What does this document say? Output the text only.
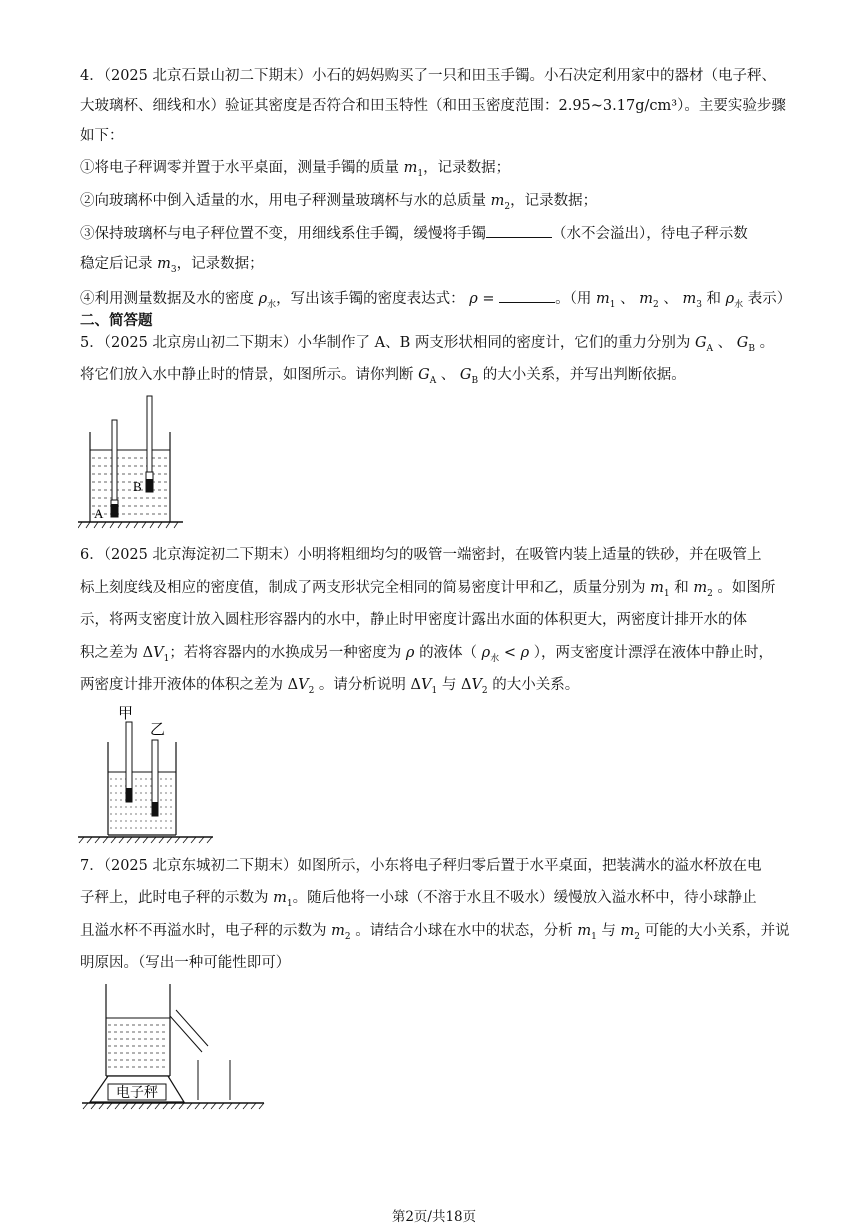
4．（2025 北京石景山初二下期末）小石的妈妈购买了一只和田玉手镯。小石决定利用家中的器材（电子秤、
大玻璃杯、细线和水）验证其密度是否符合和田玉特性（和田玉密度范围：2.95~3.17g/cm³）。主要实验步骤
如下：
①将电子秤调零并置于水平桌面，测量手镯的质量 $m_1$，记录数据；
②向玻璃杯中倒入适量的水，用电子秤测量玻璃杯与水的总质量 $m_2$，记录数据；
③保持玻璃杯与电子秤位置不变，用细线系住手镯，缓慢将手镯	（水不会溢出），待电子秤示数
稳定后记录 $m_3$，记录数据；
④利用测量数据及水的密度 $\rho_水$，写出该手镯的密度表达式： ρ =	。（用 $m_1$ 、 $m_2$ 、 $m_3$ 和 $\rho_水$ 表示）
二、简答题
5．（2025 北京房山初二下期末）小华制作了 A、B 两支形状相同的密度计，它们的重力分别为 $G_A$ 、 $G_B$ 。
将它们放入水中静止时的情景，如图所示。请你判断 $G_A$ 、 $G_B$ 的大小关系，并写出判断依据。
A
B
6．（2025 北京海淀初二下期末）小明将粗细均匀的吸管一端密封，在吸管内装上适量的铁砂，并在吸管上
标上刻度线及相应的密度值，制成了两支形状完全相同的简易密度计甲和乙，质量分别为 $m_1$ 和 $m_2$ 。如图所
示，将两支密度计放入圆柱形容器内的水中，静止时甲密度计露出水面的体积更大，两密度计排开水的体
积之差为 $\Delta V_1$；若将容器内的水换成另一种密度为 ρ 的液体（ $\rho_水 < \rho$ ），两支密度计漂浮在液体中静止时，
两密度计排开液体的体积之差为 $\Delta V_2$ 。请分析说明 $\Delta V_1$ 与 $\Delta V_2$ 的大小关系。
甲
乙
7．（2025 北京东城初二下期末）如图所示，小东将电子秤归零后置于水平桌面，把装满水的溢水杯放在电
子秤上，此时电子秤的示数为 $m_1$。随后他将一小球（不溶于水且不吸水）缓慢放入溢水杯中，待小球静止
且溢水杯不再溢水时，电子秤的示数为 $m_2$ 。请结合小球在水中的状态，分析 $m_1$ 与 $m_2$ 可能的大小关系，并说
明原因。（写出一种可能性即可）
电子秤
第2页/共18页
